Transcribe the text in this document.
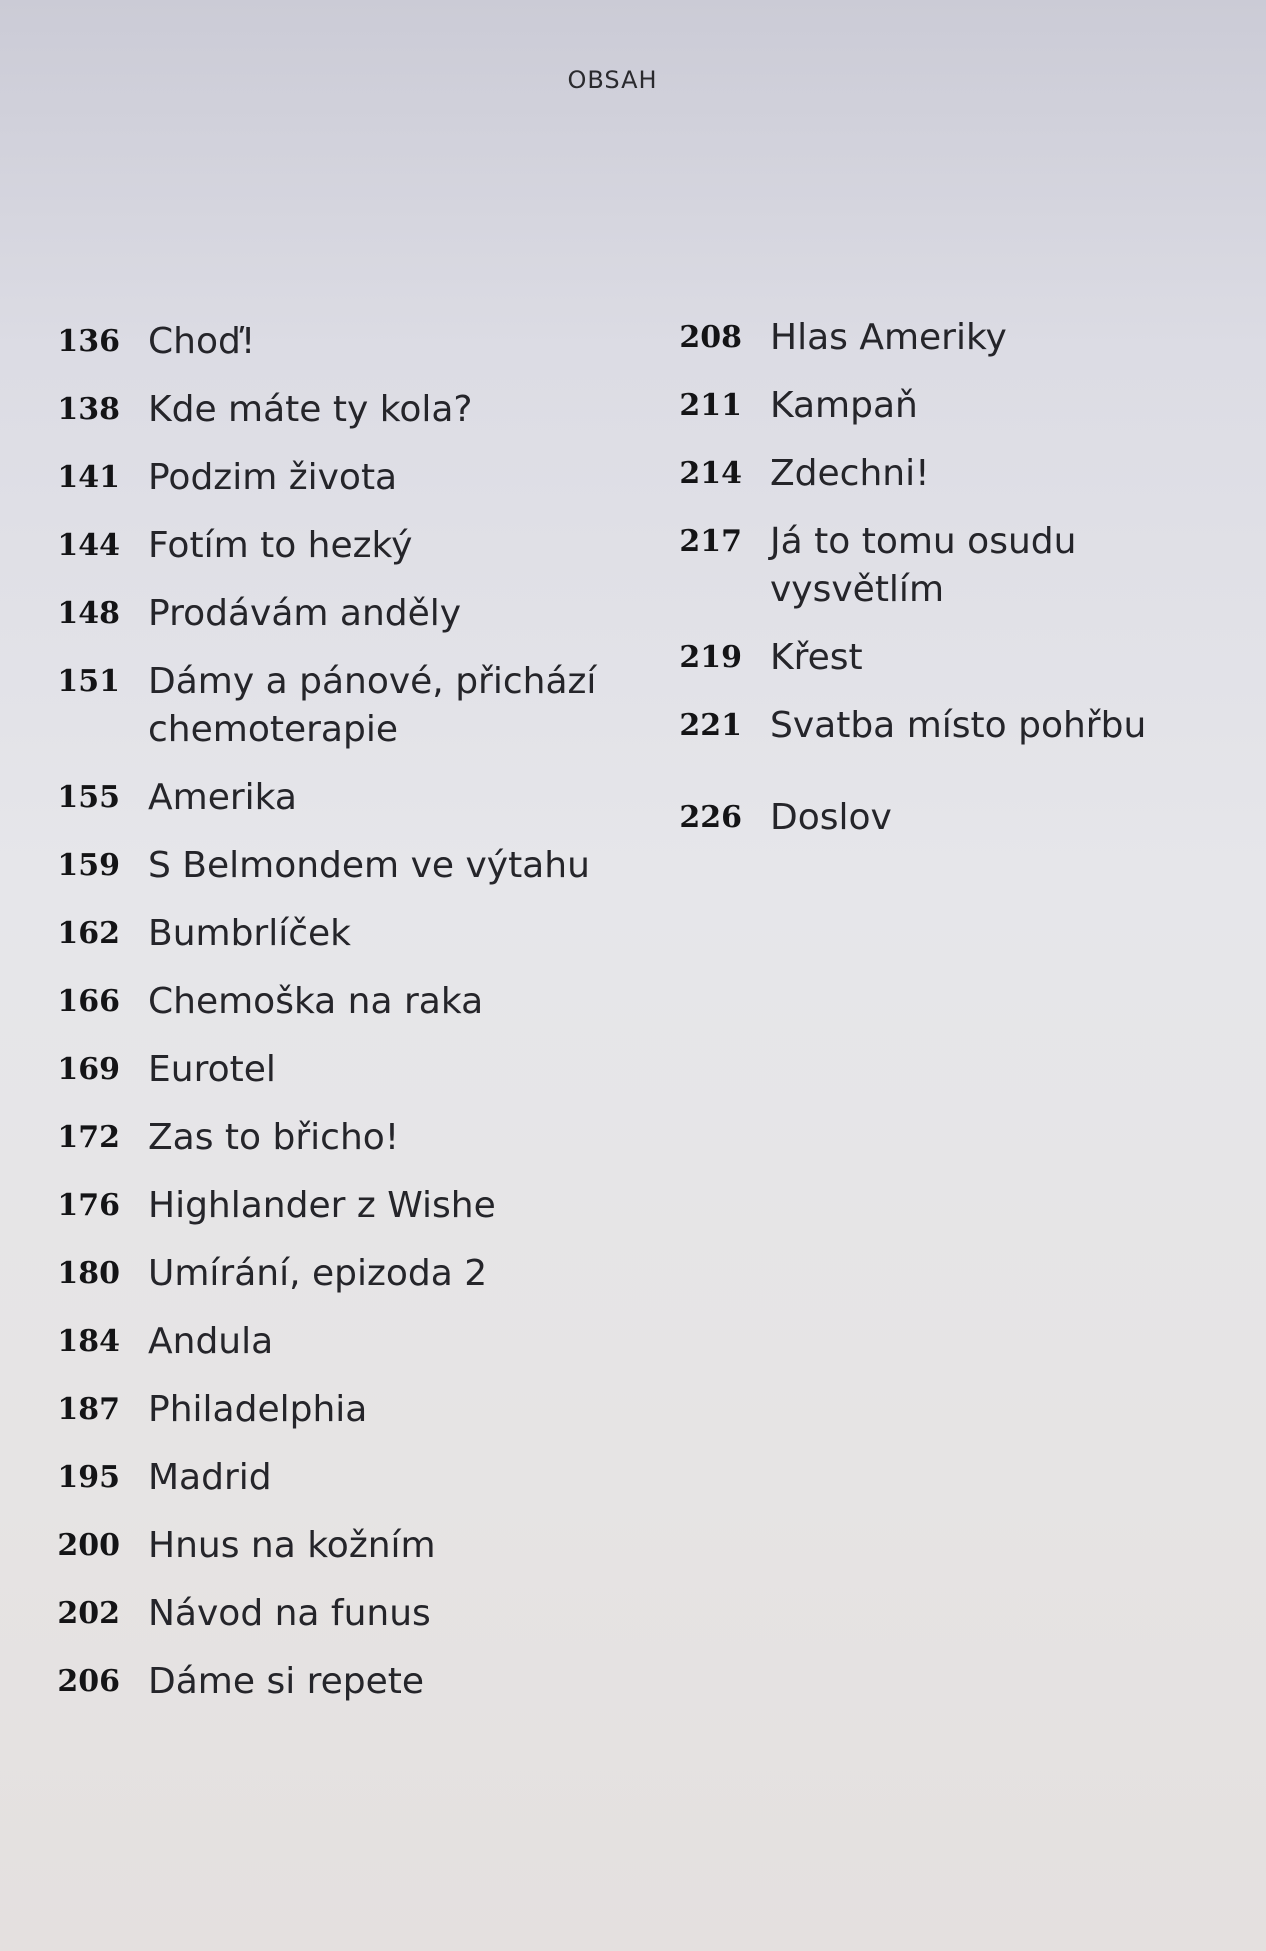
OBSAH
136 Choď!
138 Kde máte ty kola?
141 Podzim života
144 Fotím to hezký
148 Prodávám anděly
151 Dámy a pánové, přichází chemoterapie
155 Amerika
159 S Belmondem ve výtahu
162 Bumbrlíček
166 Chemoška na raka
169 Eurotel
172 Zas to břicho!
176 Highlander z Wishe
180 Umírání, epizoda 2
184 Andula
187 Philadelphia
195 Madrid
200 Hnus na kožním
202 Návod na funus
206 Dáme si repete
208 Hlas Ameriky
211 Kampaň
214 Zdechni!
217 Já to tomu osudu vysvětlím
219 Křest
221 Svatba místo pohřbu
226 Doslov
